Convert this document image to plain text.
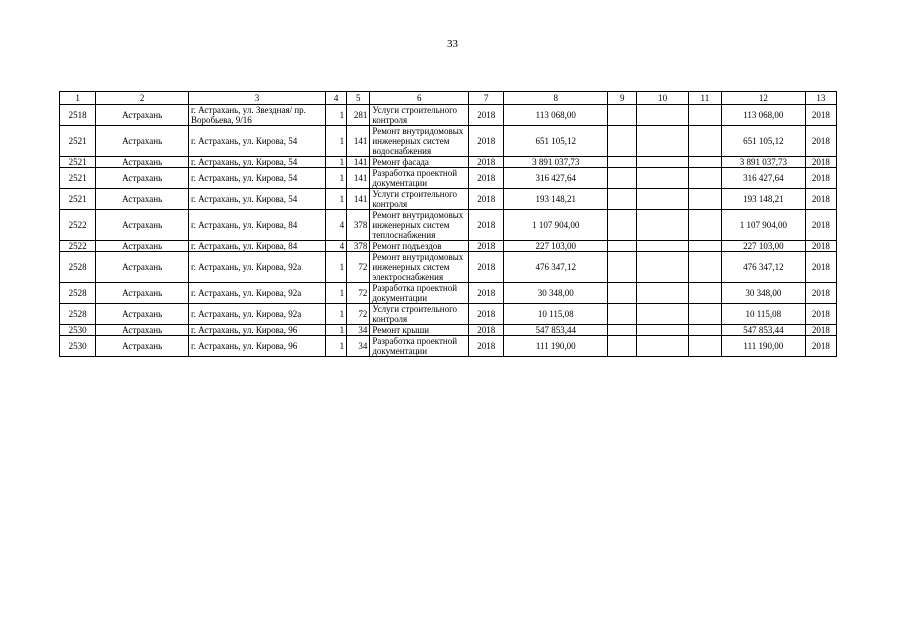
33
1	2	3	4	5	6	7	8	9	10	11	12	13
2518	Астрахань	г. Астрахань, ул. Звездная/ пр. Воробьева, 9/16	1	281	Услуги строительного контроля	2018	113 068,00				113 068,00	2018
2521	Астрахань	г. Астрахань, ул. Кирова, 54	1	141	Ремонт внутридомовых инженерных систем водоснабжения	2018	651 105,12				651 105,12	2018
2521	Астрахань	г. Астрахань, ул. Кирова, 54	1	141	Ремонт фасада	2018	3 891 037,73				3 891 037,73	2018
2521	Астрахань	г. Астрахань, ул. Кирова, 54	1	141	Разработка проектной документации	2018	316 427,64				316 427,64	2018
2521	Астрахань	г. Астрахань, ул. Кирова, 54	1	141	Услуги строительного контроля	2018	193 148,21				193 148,21	2018
2522	Астрахань	г. Астрахань, ул. Кирова, 84	4	378	Ремонт внутридомовых инженерных систем теплоснабжения	2018	1 107 904,00				1 107 904,00	2018
2522	Астрахань	г. Астрахань, ул. Кирова, 84	4	378	Ремонт подъездов	2018	227 103,00				227 103,00	2018
2528	Астрахань	г. Астрахань, ул. Кирова, 92а	1	72	Ремонт внутридомовых инженерных систем электроснабжения	2018	476 347,12				476 347,12	2018
2528	Астрахань	г. Астрахань, ул. Кирова, 92а	1	72	Разработка проектной документации	2018	30 348,00				30 348,00	2018
2528	Астрахань	г. Астрахань, ул. Кирова, 92а	1	72	Услуги строительного контроля	2018	10 115,08				10 115,08	2018
2530	Астрахань	г. Астрахань, ул. Кирова, 96	1	34	Ремонт крыши	2018	547 853,44				547 853,44	2018
2530	Астрахань	г. Астрахань, ул. Кирова, 96	1	34	Разработка проектной документации	2018	111 190,00				111 190,00	2018
